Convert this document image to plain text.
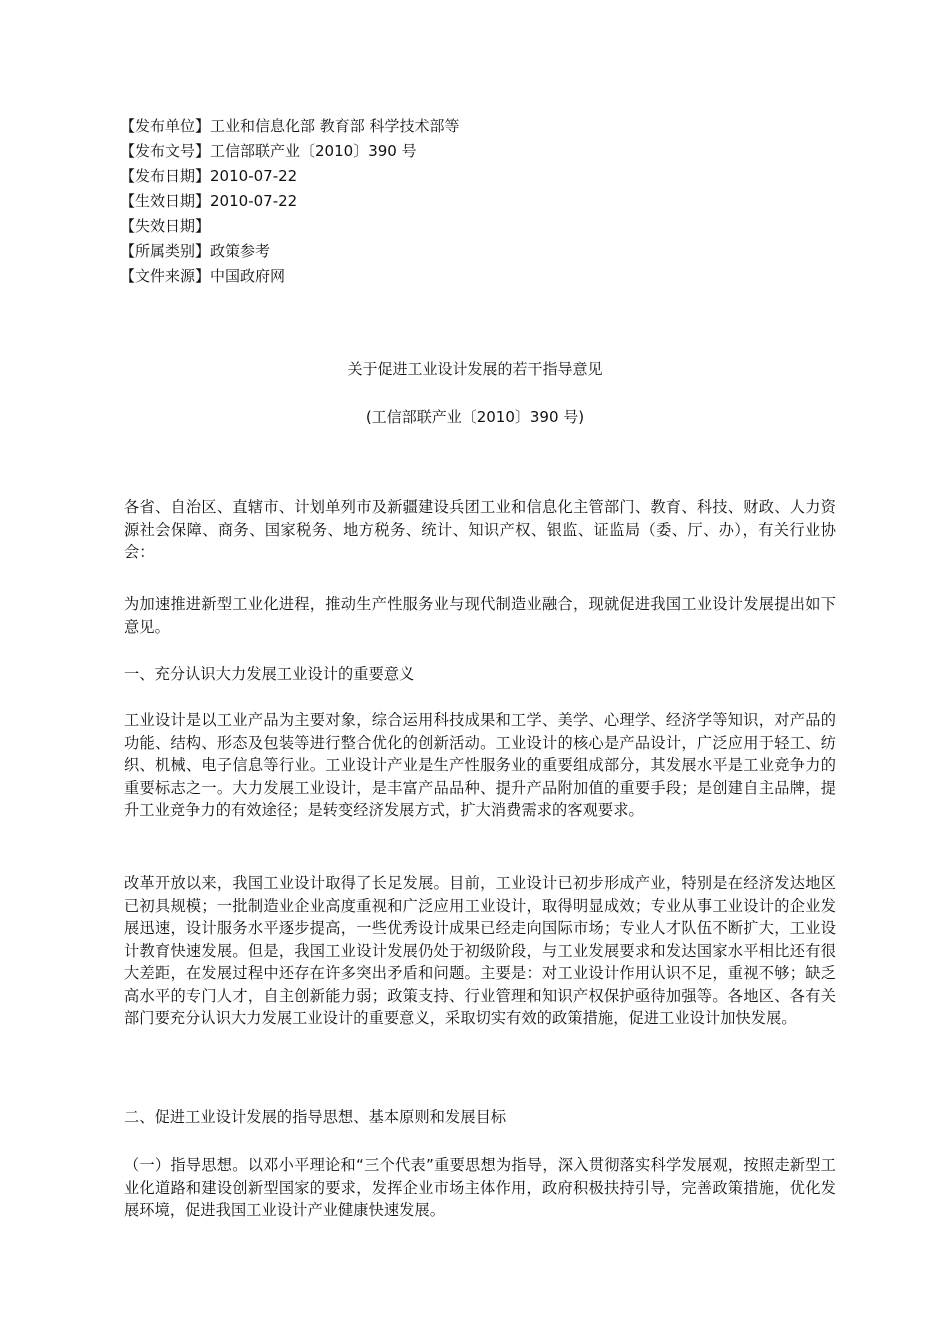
【发布单位】工业和信息化部 教育部 科学技术部等
【发布文号】工信部联产业〔2010〕390 号
【发布日期】2010-07-22
【生效日期】2010-07-22
【失效日期】
【所属类别】政策参考
【文件来源】中国政府网
关于促进工业设计发展的若干指导意见
(工信部联产业〔2010〕390 号)
各省、自治区、直辖市、计划单列市及新疆建设兵团工业和信息化主管部门、教育、科技、财政、人力资源社会保障、商务、国家税务、地方税务、统计、知识产权、银监、证监局（委、厅、办），有关行业协会：
为加速推进新型工业化进程，推动生产性服务业与现代制造业融合，现就促进我国工业设计发展提出如下意见。
一、充分认识大力发展工业设计的重要意义
工业设计是以工业产品为主要对象，综合运用科技成果和工学、美学、心理学、经济学等知识，对产品的功能、结构、形态及包装等进行整合优化的创新活动。工业设计的核心是产品设计，广泛应用于轻工、纺织、机械、电子信息等行业。工业设计产业是生产性服务业的重要组成部分，其发展水平是工业竞争力的重要标志之一。大力发展工业设计，是丰富产品品种、提升产品附加值的重要手段；是创建自主品牌，提升工业竞争力的有效途径；是转变经济发展方式，扩大消费需求的客观要求。
改革开放以来，我国工业设计取得了长足发展。目前，工业设计已初步形成产业，特别是在经济发达地区已初具规模；一批制造业企业高度重视和广泛应用工业设计，取得明显成效；专业从事工业设计的企业发展迅速，设计服务水平逐步提高，一些优秀设计成果已经走向国际市场；专业人才队伍不断扩大，工业设计教育快速发展。但是，我国工业设计发展仍处于初级阶段，与工业发展要求和发达国家水平相比还有很大差距，在发展过程中还存在许多突出矛盾和问题。主要是：对工业设计作用认识不足，重视不够；缺乏高水平的专门人才，自主创新能力弱；政策支持、行业管理和知识产权保护亟待加强等。各地区、各有关部门要充分认识大力发展工业设计的重要意义，采取切实有效的政策措施，促进工业设计加快发展。
二、促进工业设计发展的指导思想、基本原则和发展目标
（一）指导思想。以邓小平理论和“三个代表”重要思想为指导，深入贯彻落实科学发展观，按照走新型工业化道路和建设创新型国家的要求，发挥企业市场主体作用，政府积极扶持引导，完善政策措施，优化发展环境，促进我国工业设计产业健康快速发展。
